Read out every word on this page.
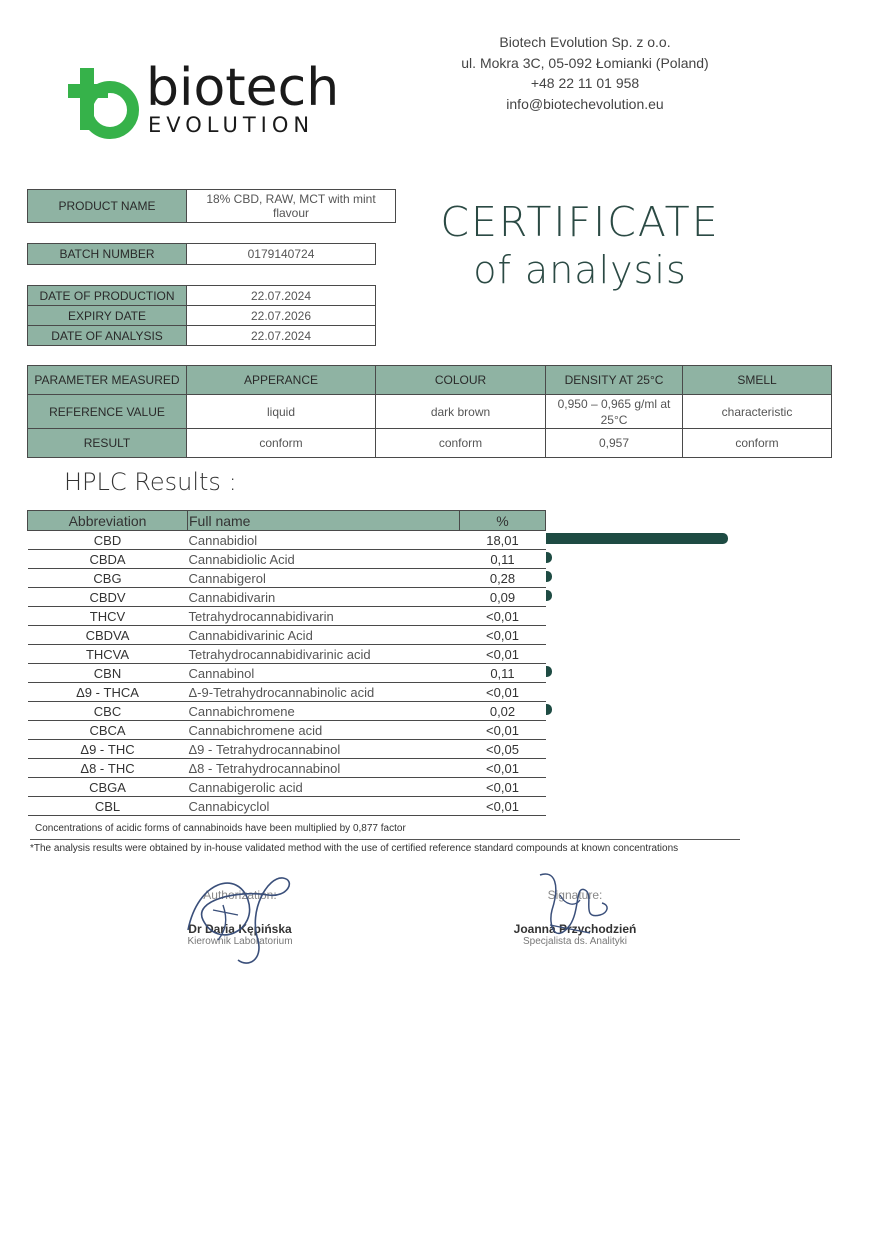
biotech
EVOLUTION
Biotech Evolution Sp. z o.o.
ul. Mokra 3C, 05-092 Łomianki (Poland)
+48 22 11 01 958
info@biotechevolution.eu
CERTIFICATE
of analysis
PRODUCT NAME	18% CBD, RAW, MCT with mint flavour
BATCH NUMBER	0179140724
DATE OF PRODUCTION	22.07.2024
EXPIRY DATE	22.07.2026
DATE OF ANALYSIS	22.07.2024
PARAMETER MEASURED	APPERANCE	COLOUR	DENSITY AT 25°C	SMELL
REFERENCE VALUE	liquid	dark brown	0,950 – 0,965 g/ml at 25°C	characteristic
RESULT	conform	conform	0,957	conform
HPLC Results :
Abbreviation	Full name	%
CBD	Cannabidiol	18,01
CBDA	Cannabidiolic Acid	0,11
CBG	Cannabigerol	0,28
CBDV	Cannabidivarin	0,09
THCV	Tetrahydrocannabidivarin	<0,01
CBDVA	Cannabidivarinic Acid	<0,01
THCVA	Tetrahydrocannabidivarinic acid	<0,01
CBN	Cannabinol	0,11
Δ9 - THCA	Δ-9-Tetrahydrocannabinolic acid	<0,01
CBC	Cannabichromene	0,02
CBCA	Cannabichromene acid	<0,01
Δ9 - THC	Δ9 - Tetrahydrocannabinol	<0,05
Δ8 - THC	Δ8 - Tetrahydrocannabinol	<0,01
CBGA	Cannabigerolic acid	<0,01
CBL	Cannabicyclol	<0,01
Concentrations of acidic forms of cannabinoids have been multiplied by 0,877 factor
*The analysis results were obtained by in-house validated method with the use of certified reference standard compounds at known concentrations
Authorization:
Dr Daria Kępińska
Kierownik Laboratorium
Signature:
Joanna Przychodzień
Specjalista ds. Analityki
